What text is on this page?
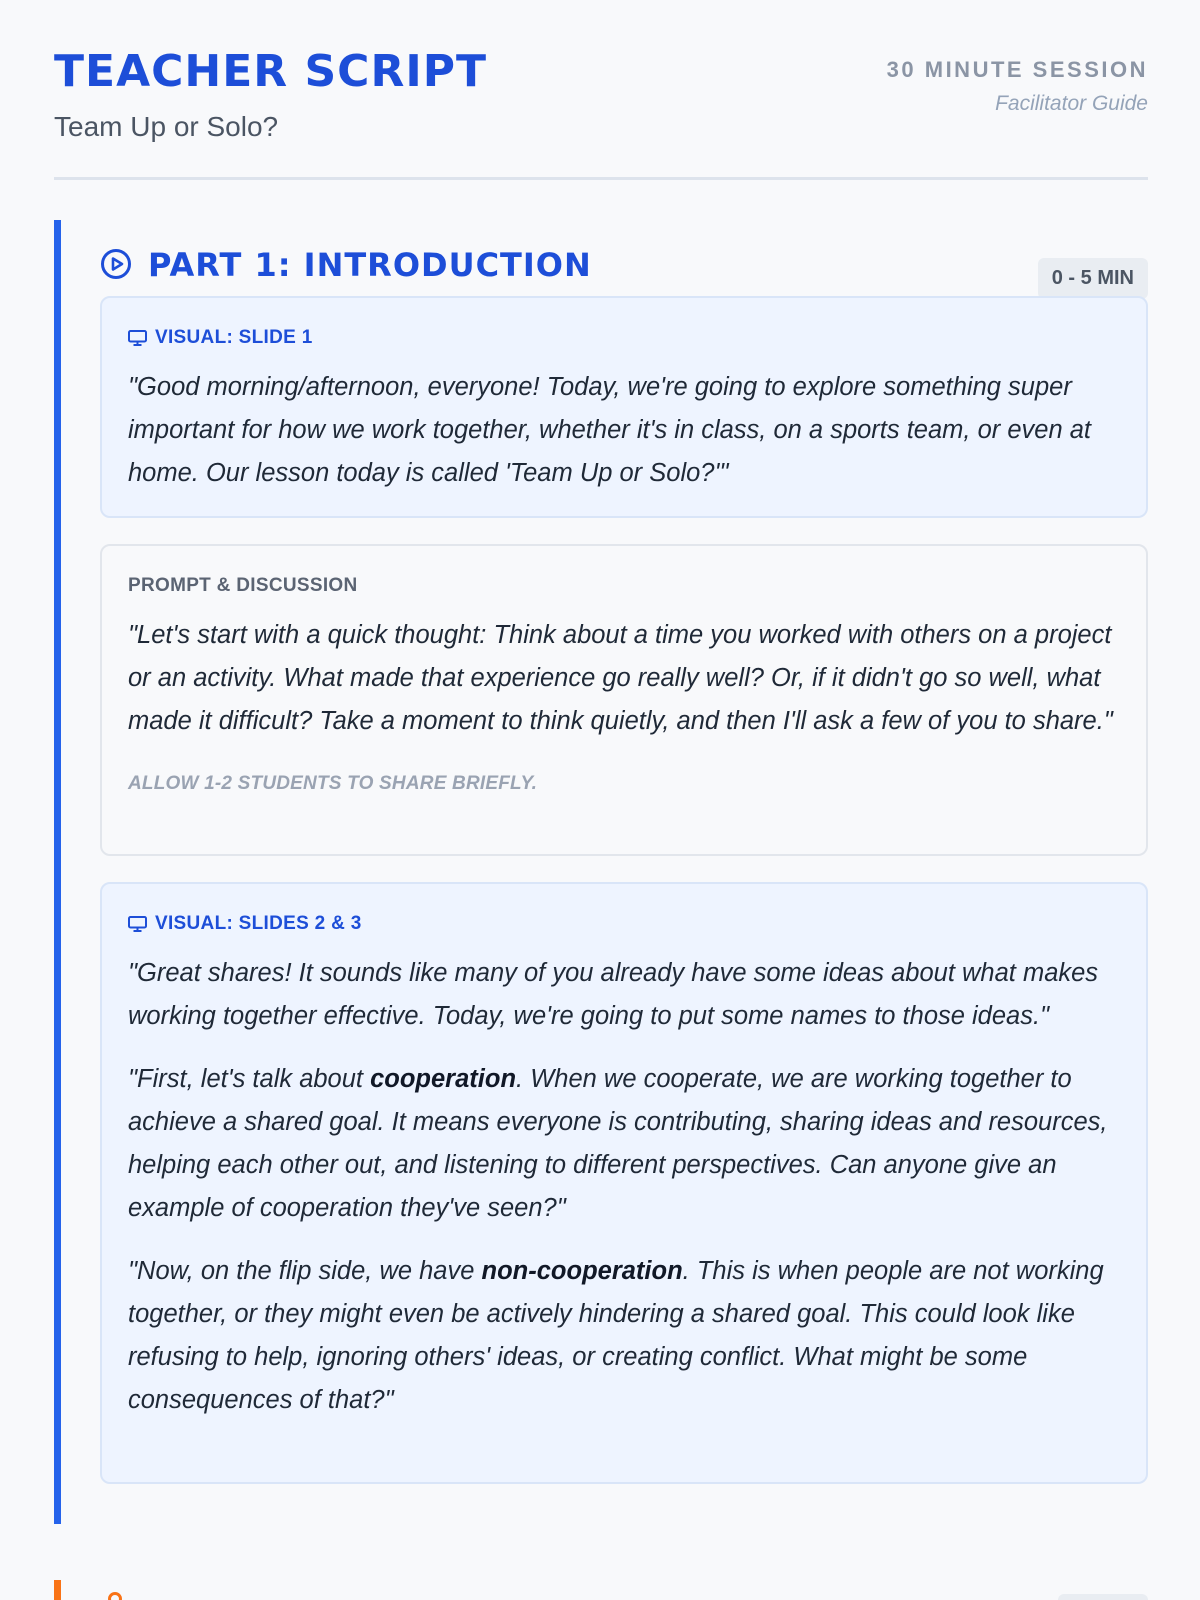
TEACHER SCRIPT
Team Up or Solo?
30 MINUTE SESSION
Facilitator Guide
PART 1: INTRODUCTION	0 - 5 MIN
VISUAL: SLIDE 1
"Good morning/afternoon, everyone! Today, we're going to explore something super important for how we work together, whether it's in class, on a sports team, or even at home. Our lesson today is called 'Team Up or Solo?'"
PROMPT & DISCUSSION
"Let's start with a quick thought: Think about a time you worked with others on a project or an activity. What made that experience go really well? Or, if it didn't go so well, what made it difficult? Take a moment to think quietly, and then I'll ask a few of you to share."
ALLOW 1-2 STUDENTS TO SHARE BRIEFLY.
VISUAL: SLIDES 2 & 3
"Great shares! It sounds like many of you already have some ideas about what makes working together effective. Today, we're going to put some names to those ideas."
"First, let's talk about cooperation. When we cooperate, we are working together to achieve a shared goal. It means everyone is contributing, sharing ideas and resources, helping each other out, and listening to different perspectives. Can anyone give an example of cooperation they've seen?"
"Now, on the flip side, we have non-cooperation. This is when people are not working together, or they might even be actively hindering a shared goal. This could look like refusing to help, ignoring others' ideas, or creating conflict. What might be some consequences of that?"
